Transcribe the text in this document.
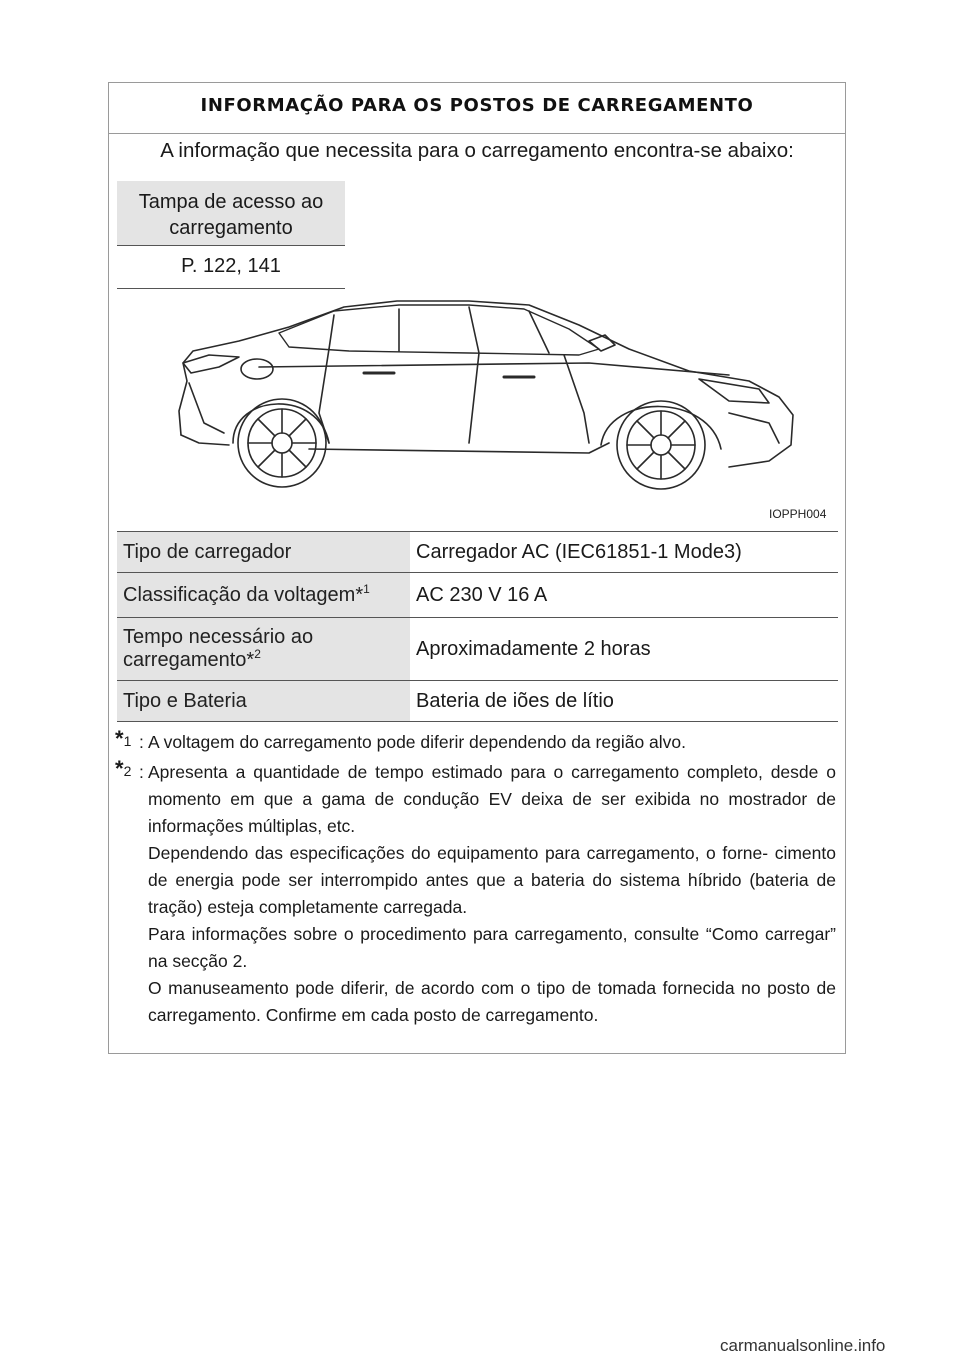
INFORMAÇÃO PARA OS POSTOS DE CARREGAMENTO
A informação que necessita para o carregamento encontra-se abaixo:
Tampa de acesso ao carregamento
P. 122, 141
IOPPH004
Tipo de carregador	Carregador AC (IEC61851-1 Mode3)
Classificação da voltagem*$^1$	AC 230 V 16 A
Tempo necessário ao carregamento*$^2$	Aproximadamente 2 horas
Tipo e Bateria	Bateria de iões de lítio
*$^1$ : A voltagem do carregamento pode diferir dependendo da região alvo.

*$^2$ : Apresenta a quantidade de tempo estimado para o carregamento completo, desde o momento em que a gama de condução EV deixa de ser exibida no mostrador de informações múltiplas, etc.

Dependendo das especificações do equipamento para carregamento, o forne- cimento de energia pode ser interrompido antes que a bateria do sistema híbrido (bateria de tração) esteja completamente carregada.

Para informações sobre o procedimento para carregamento, consulte “Como carregar” na secção 2.

O manuseamento pode diferir, de acordo com o tipo de tomada fornecida no posto de carregamento. Confirme em cada posto de carregamento.

carmanualsonline.info
